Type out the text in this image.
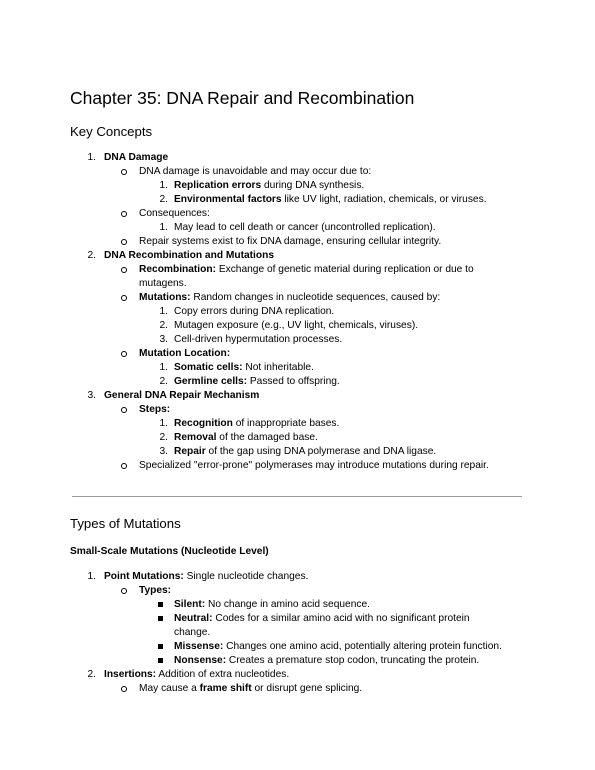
Chapter 35: DNA Repair and Recombination
Key Concepts
1. DNA Damage
DNA damage is unavoidable and may occur due to:
1. Replication errors during DNA synthesis.
2. Environmental factors like UV light, radiation, chemicals, or viruses.
Consequences:
1. May lead to cell death or cancer (uncontrolled replication).
Repair systems exist to fix DNA damage, ensuring cellular integrity.
2. DNA Recombination and Mutations
Recombination: Exchange of genetic material during replication or due to
mutagens.
Mutations: Random changes in nucleotide sequences, caused by:
1. Copy errors during DNA replication.
2. Mutagen exposure (e.g., UV light, chemicals, viruses).
3. Cell-driven hypermutation processes.
Mutation Location:
1. Somatic cells: Not inheritable.
2. Germline cells: Passed to offspring.
3. General DNA Repair Mechanism
Steps:
1. Recognition of inappropriate bases.
2. Removal of the damaged base.
3. Repair of the gap using DNA polymerase and DNA ligase.
Specialized "error-prone" polymerases may introduce mutations during repair.
Types of Mutations
Small-Scale Mutations (Nucleotide Level)
1. Point Mutations: Single nucleotide changes.
Types:
Silent: No change in amino acid sequence.
Neutral: Codes for a similar amino acid with no significant protein
change.
Missense: Changes one amino acid, potentially altering protein function.
Nonsense: Creates a premature stop codon, truncating the protein.
2. Insertions: Addition of extra nucleotides.
May cause a frame shift or disrupt gene splicing.
